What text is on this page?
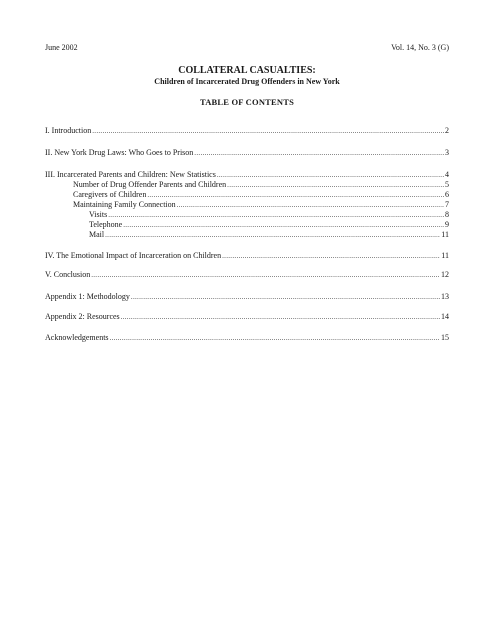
June 2002	Vol. 14, No. 3 (G)
COLLATERAL CASUALTIES:
Children of Incarcerated Drug Offenders in New York
TABLE OF CONTENTS
I. Introduction .....	2
II. New York Drug Laws: Who Goes to Prison .....	3
III. Incarcerated Parents and Children: New Statistics .....	4
Number of Drug Offender Parents and Children .....	5
Caregivers of Children .....	6
Maintaining Family Connection .....	7
Visits .....	8
Telephone .....	9
Mail .....	11
IV. The Emotional Impact of Incarceration on Children .....	11
V. Conclusion .....	12
Appendix 1: Methodology .....	13
Appendix 2: Resources .....	14
Acknowledgements .....	15
